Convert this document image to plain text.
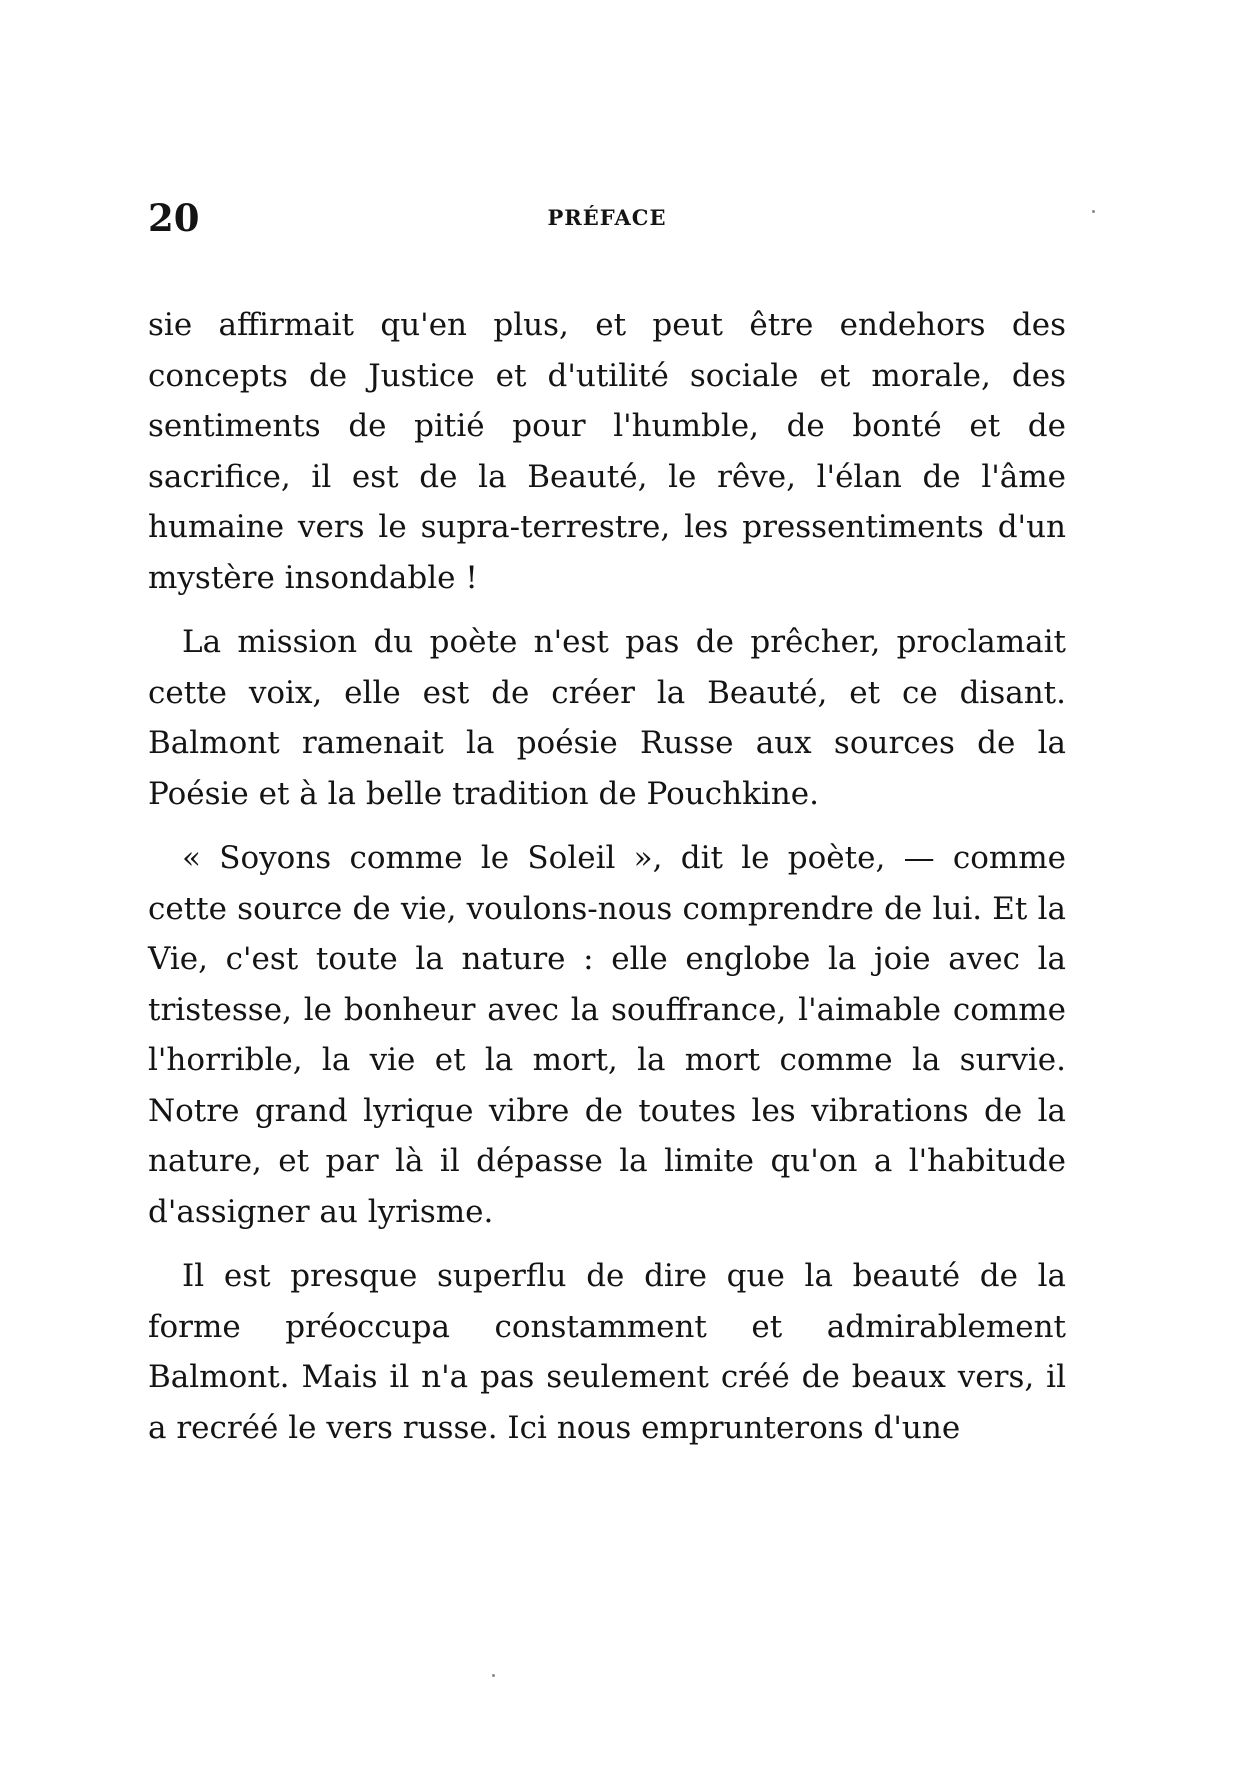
20	PRÉFACE

sie affirmait qu'en plus, et peut être endehors des concepts de Justice et d'utilité sociale et morale, des sentiments de pitié pour l'humble, de bonté et de sacrifice, il est de la Beauté, le rêve, l'élan de l'âme humaine vers le supra-terrestre, les pressentiments d'un mystère insondable !

La mission du poète n'est pas de prêcher, proclamait cette voix, elle est de créer la Beauté, et ce disant. Balmont ramenait la poésie Russe aux sources de la Poésie et à la belle tradition de Pouchkine.

« Soyons comme le Soleil », dit le poète, — comme cette source de vie, voulons-nous comprendre de lui. Et la Vie, c'est toute la nature : elle englobe la joie avec la tristesse, le bonheur avec la souffrance, l'aimable comme l'horrible, la vie et la mort, la mort comme la survie. Notre grand lyrique vibre de toutes les vibrations de la nature, et par là il dépasse la limite qu'on a l'habitude d'assigner au lyrisme.

Il est presque superflu de dire que la beauté de la forme préoccupa constamment et admirablement Balmont. Mais il n'a pas seulement créé de beaux vers, il a recréé le vers russe. Ici nous emprunterons d'une
